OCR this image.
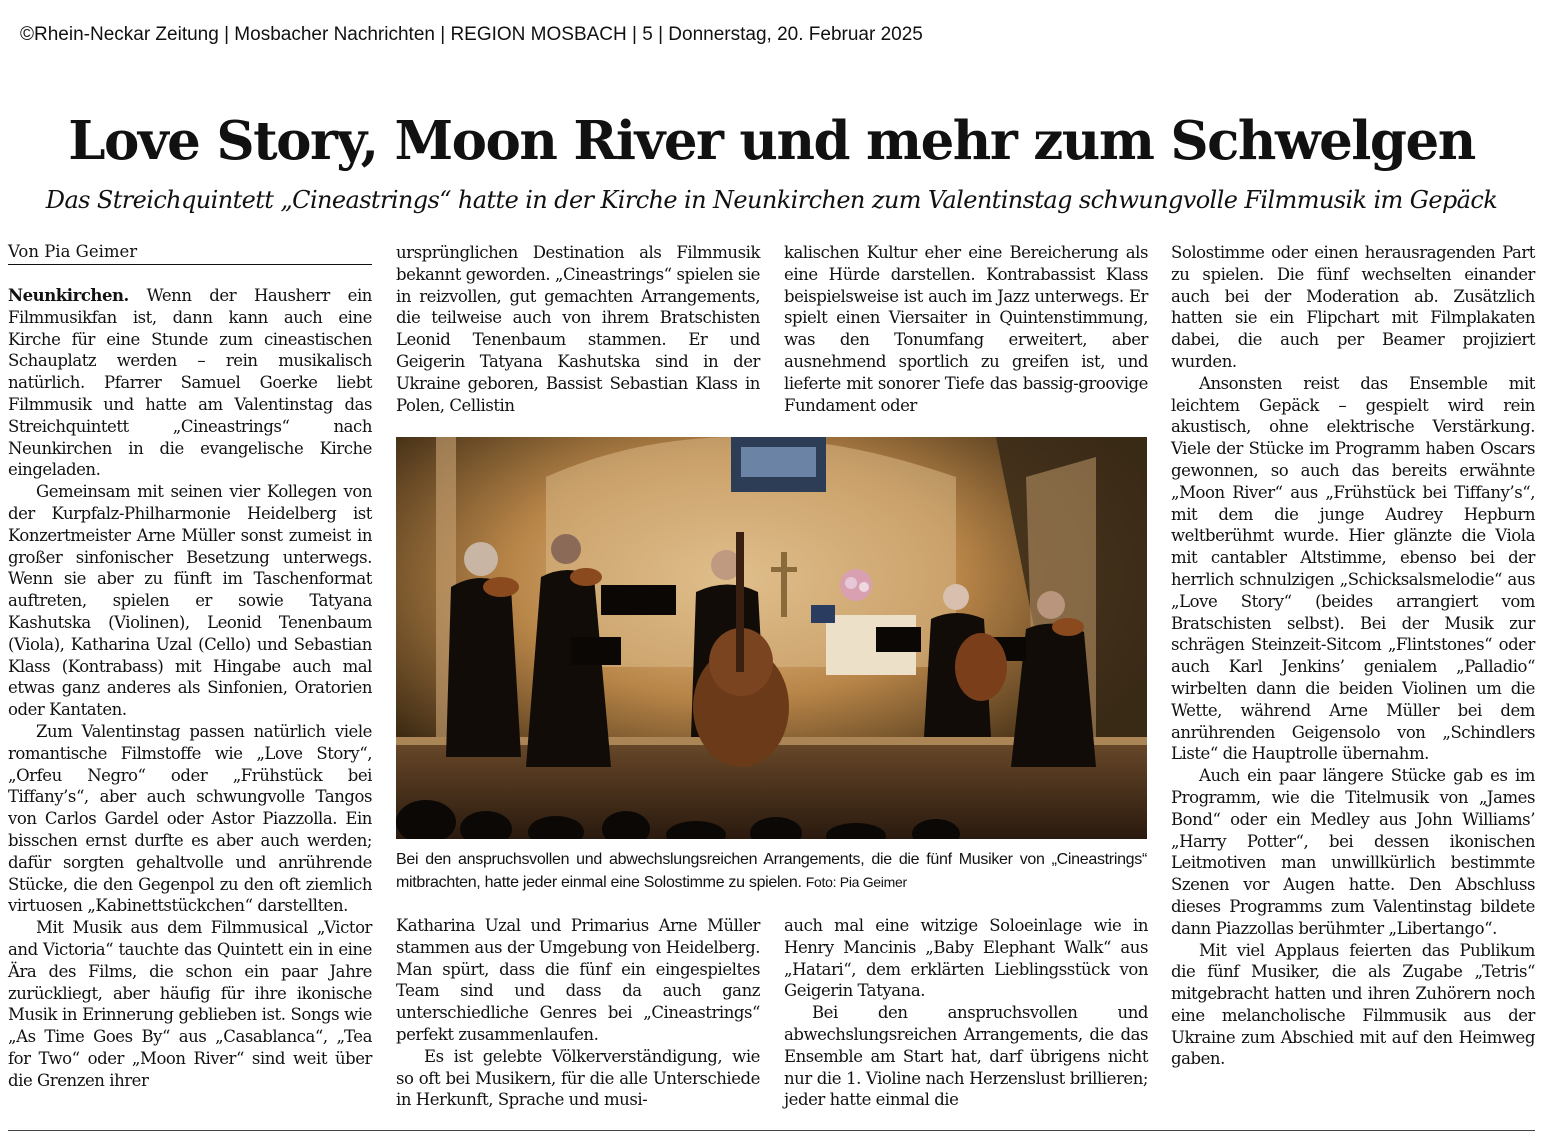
©Rhein-Neckar Zeitung | Mosbacher Nachrichten | REGION MOSBACH | 5 | Donnerstag, 20. Februar 2025
Love Story, Moon River und mehr zum Schwelgen
Das Streichquintett „Cineastrings“ hatte in der Kirche in Neunkirchen zum Valentinstag schwungvolle Filmmusik im Gepäck
Von Pia Geimer

Neunkirchen. Wenn der Hausherr ein Filmmusikfan ist, dann kann auch eine Kirche für eine Stunde zum cineastischen Schauplatz werden – rein musikalisch natürlich. Pfarrer Samuel Goerke liebt Filmmusik und hatte am Valentinstag das Streichquintett „Cineastrings“ nach Neunkirchen in die evangelische Kirche eingeladen.

Gemeinsam mit seinen vier Kollegen von der Kurpfalz-Philharmonie Heidelberg ist Konzertmeister Arne Müller sonst zumeist in großer sinfonischer Besetzung unterwegs. Wenn sie aber zu fünft im Taschenformat auftreten, spielen er sowie Tatyana Kashutska (Violinen), Leonid Tenenbaum (Viola), Katharina Uzal (Cello) und Sebastian Klass (Kontrabass) mit Hingabe auch mal etwas ganz anderes als Sinfonien, Oratorien oder Kantaten.

Zum Valentinstag passen natürlich viele romantische Filmstoffe wie „Love Story“, „Orfeu Negro“ oder „Frühstück bei Tiffany’s“, aber auch schwungvolle Tangos von Carlos Gardel oder Astor Piazzolla. Ein bisschen ernst durfte es aber auch werden; dafür sorgten gehaltvolle und anrührende Stücke, die den Gegenpol zu den oft ziemlich virtuosen „Kabinettstückchen“ darstellten.

Mit Musik aus dem Filmmusical „Victor and Victoria“ tauchte das Quintett ein in eine Ära des Films, die schon ein paar Jahre zurückliegt, aber häufig für ihre ikonische Musik in Erinnerung geblieben ist. Songs wie „As Time Goes By“ aus „Casablanca“, „Tea for Two“ oder „Moon River“ sind weit über die Grenzen ihrer

ursprünglichen Destination als Filmmusik bekannt geworden. „Cineastrings“ spielen sie in reizvollen, gut gemachten Arrangements, die teilweise auch von ihrem Bratschisten Leonid Tenenbaum stammen. Er und Geigerin Tatyana Kashutska sind in der Ukraine geboren, Bassist Sebastian Klass in Polen, Cellistin

kalischen Kultur eher eine Bereicherung als eine Hürde darstellen. Kontrabassist Klass beispielsweise ist auch im Jazz unterwegs. Er spielt einen Viersaiter in Quintenstimmung, was den Tonumfang erweitert, aber ausnehmend sportlich zu greifen ist, und lieferte mit sonorer Tiefe das bassig-groovige Fundament oder

Bei den anspruchsvollen und abwechslungsreichen Arrangements, die die fünf Musiker von „Cineastrings“ mitbrachten, hatte jeder einmal eine Solostimme zu spielen. Foto: Pia Geimer

Katharina Uzal und Primarius Arne Müller stammen aus der Umgebung von Heidelberg. Man spürt, dass die fünf ein eingespieltes Team sind und dass da auch ganz unterschiedliche Genres bei „Cineastrings“ perfekt zusammenlaufen.

Es ist gelebte Völkerverständigung, wie so oft bei Musikern, für die alle Unterschiede in Herkunft, Sprache und musi-

auch mal eine witzige Soloeinlage wie in Henry Mancinis „Baby Elephant Walk“ aus „Hatari“, dem erklärten Lieblingsstück von Geigerin Tatyana.

Bei den anspruchsvollen und abwechslungsreichen Arrangements, die das Ensemble am Start hat, darf übrigens nicht nur die 1. Violine nach Herzenslust brillieren; jeder hatte einmal die

Solostimme oder einen herausragenden Part zu spielen. Die fünf wechselten einander auch bei der Moderation ab. Zusätzlich hatten sie ein Flipchart mit Filmplakaten dabei, die auch per Beamer projiziert wurden.

Ansonsten reist das Ensemble mit leichtem Gepäck – gespielt wird rein akustisch, ohne elektrische Verstärkung. Viele der Stücke im Programm haben Oscars gewonnen, so auch das bereits erwähnte „Moon River“ aus „Frühstück bei Tiffany’s“, mit dem die junge Audrey Hepburn weltberühmt wurde. Hier glänzte die Viola mit cantabler Altstimme, ebenso bei der herrlich schnulzigen „Schicksalsmelodie“ aus „Love Story“ (beides arrangiert vom Bratschisten selbst). Bei der Musik zur schrägen Steinzeit-Sitcom „Flintstones“ oder auch Karl Jenkins’ genialem „Palladio“ wirbelten dann die beiden Violinen um die Wette, während Arne Müller bei dem anrührenden Geigensolo von „Schindlers Liste“ die Hauptrolle übernahm.

Auch ein paar längere Stücke gab es im Programm, wie die Titelmusik von „James Bond“ oder ein Medley aus John Williams’ „Harry Potter“, bei dessen ikonischen Leitmotiven man unwillkürlich bestimmte Szenen vor Augen hatte. Den Abschluss dieses Programms zum Valentinstag bildete dann Piazzollas berühmter „Libertango“.

Mit viel Applaus feierten das Publikum die fünf Musiker, die als Zugabe „Tetris“ mitgebracht hatten und ihren Zuhörern noch eine melancholische Filmmusik aus der Ukraine zum Abschied mit auf den Heimweg gaben.
